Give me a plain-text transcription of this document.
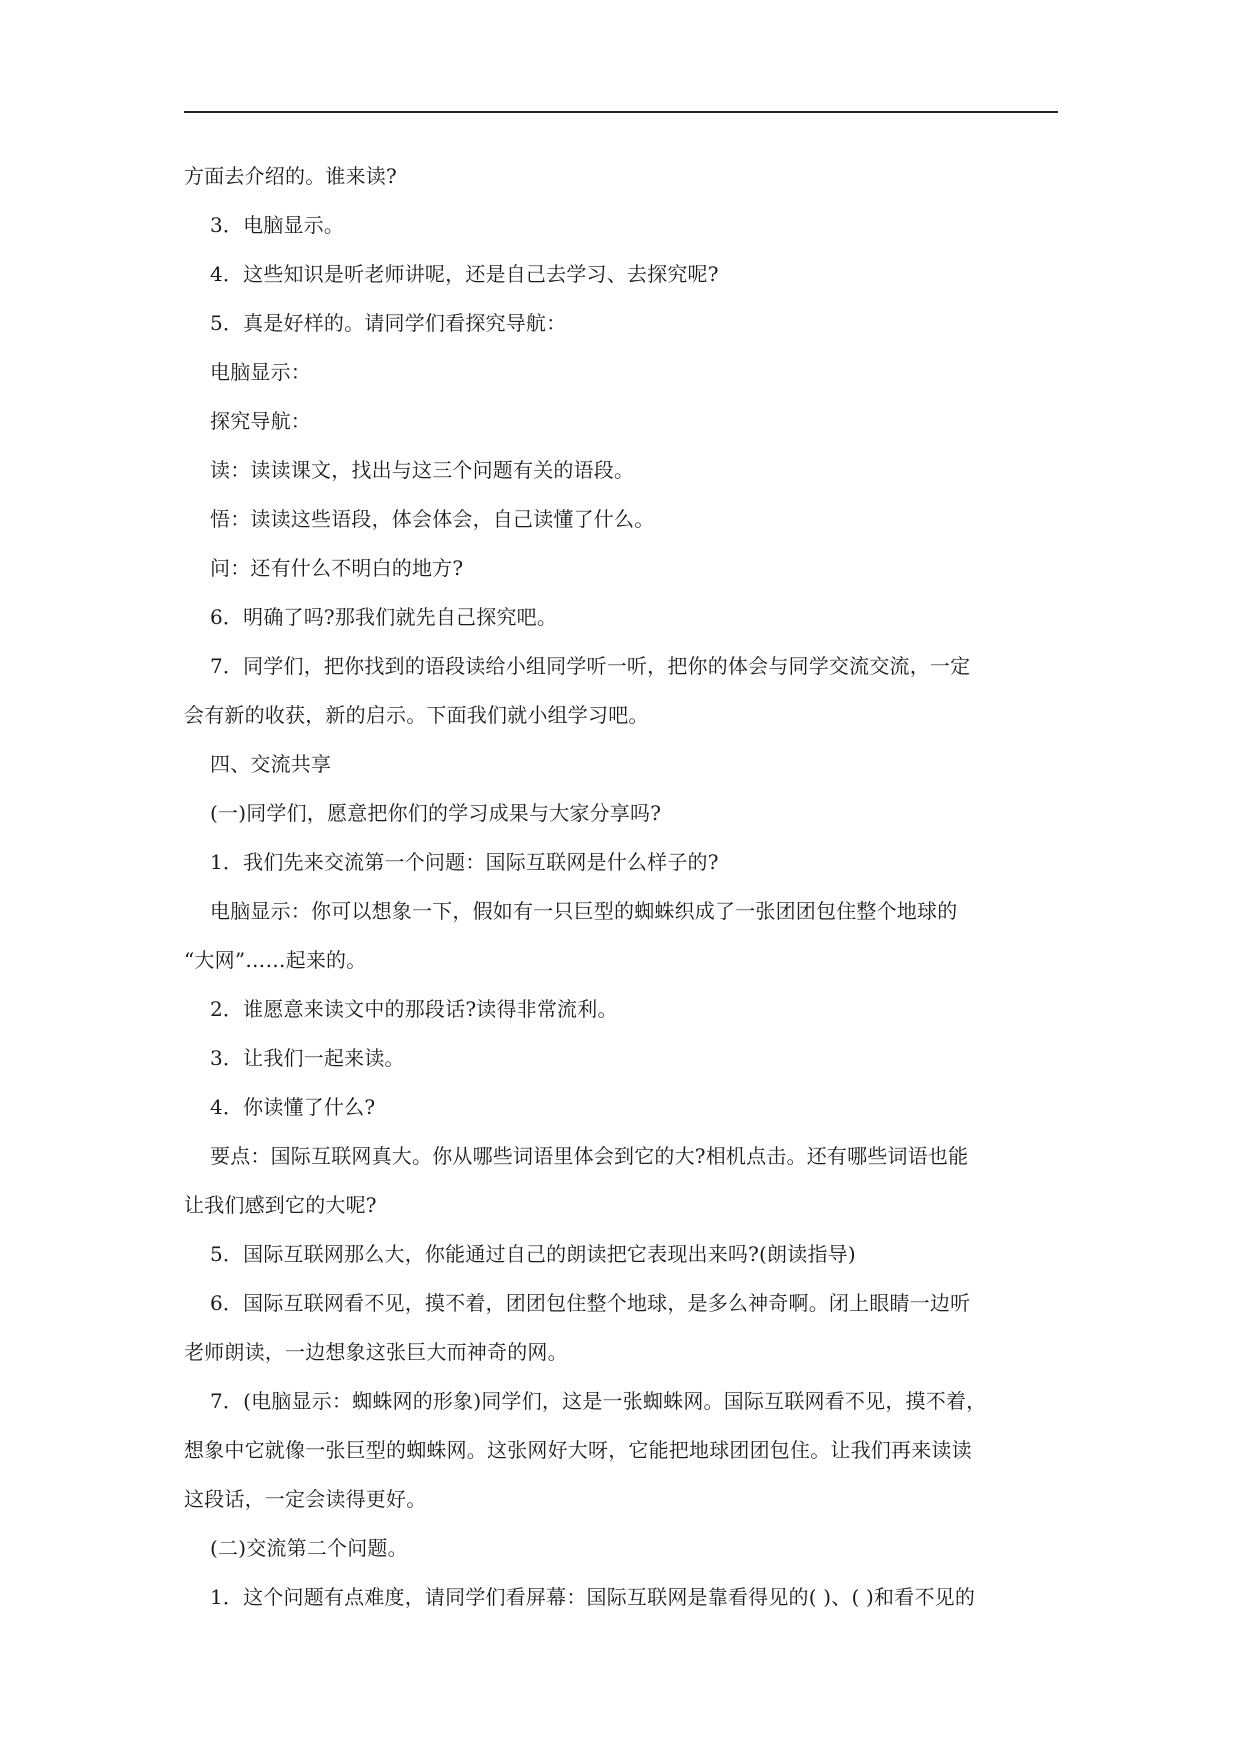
方面去介绍的。谁来读?

3．电脑显示。

4．这些知识是听老师讲呢，还是自己去学习、去探究呢?

5．真是好样的。请同学们看探究导航：

电脑显示：

探究导航：

读：读读课文，找出与这三个问题有关的语段。

悟：读读这些语段，体会体会，自己读懂了什么。

问：还有什么不明白的地方?

6．明确了吗?那我们就先自己探究吧。

7．同学们，把你找到的语段读给小组同学听一听，把你的体会与同学交流交流，一定

会有新的收获，新的启示。下面我们就小组学习吧。

四、交流共享

(一)同学们，愿意把你们的学习成果与大家分享吗?

1．我们先来交流第一个问题：国际互联网是什么样子的?

电脑显示：你可以想象一下，假如有一只巨型的蜘蛛织成了一张团团包住整个地球的

“大网”……起来的。

2．谁愿意来读文中的那段话?读得非常流利。

3．让我们一起来读。

4．你读懂了什么?

要点：国际互联网真大。你从哪些词语里体会到它的大?相机点击。还有哪些词语也能

让我们感到它的大呢?

5．国际互联网那么大，你能通过自己的朗读把它表现出来吗?(朗读指导)

6．国际互联网看不见，摸不着，团团包住整个地球，是多么神奇啊。闭上眼睛一边听

老师朗读，一边想象这张巨大而神奇的网。

7．(电脑显示：蜘蛛网的形象)同学们，这是一张蜘蛛网。国际互联网看不见，摸不着，

想象中它就像一张巨型的蜘蛛网。这张网好大呀，它能把地球团团包住。让我们再来读读

这段话，一定会读得更好。

(二)交流第二个问题。

1．这个问题有点难度，请同学们看屏幕：国际互联网是靠看得见的( )、( )和看不见的
